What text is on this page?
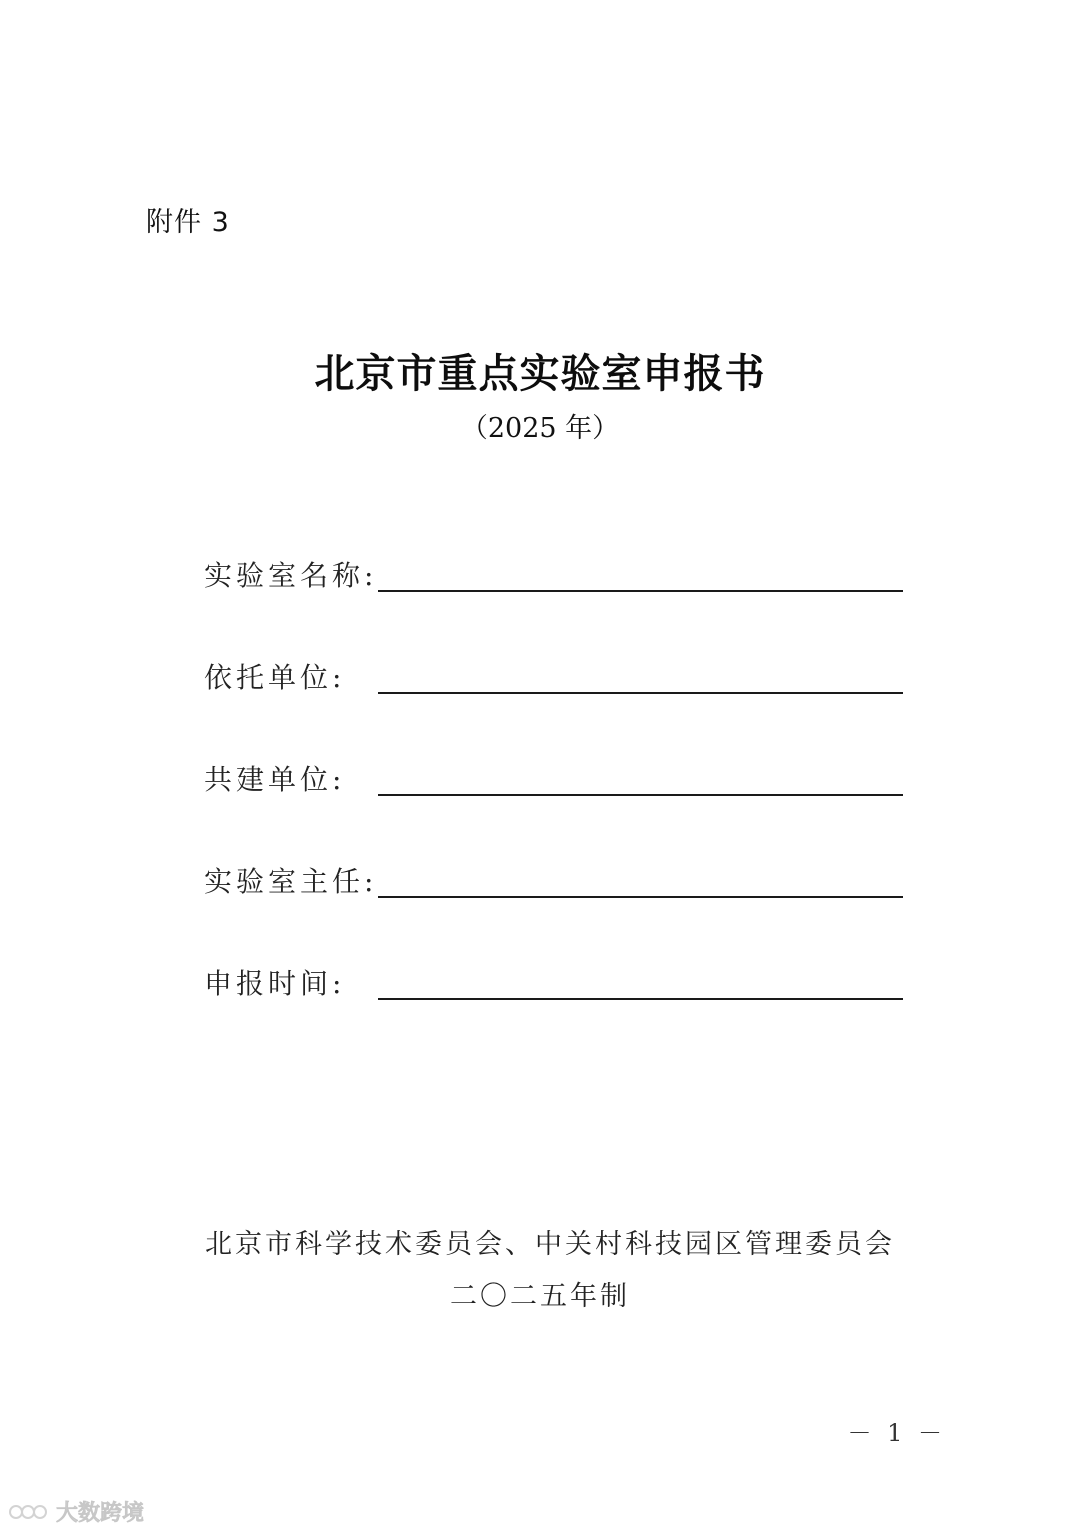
附件 3
北京市重点实验室申报书
（2025 年）
实验室名称:
依托单位:
共建单位:
实验室主任:
申报时间:
北京市科学技术委员会、中关村科技园区管理委员会
二〇二五年制
－ 1 －
大数跨境
